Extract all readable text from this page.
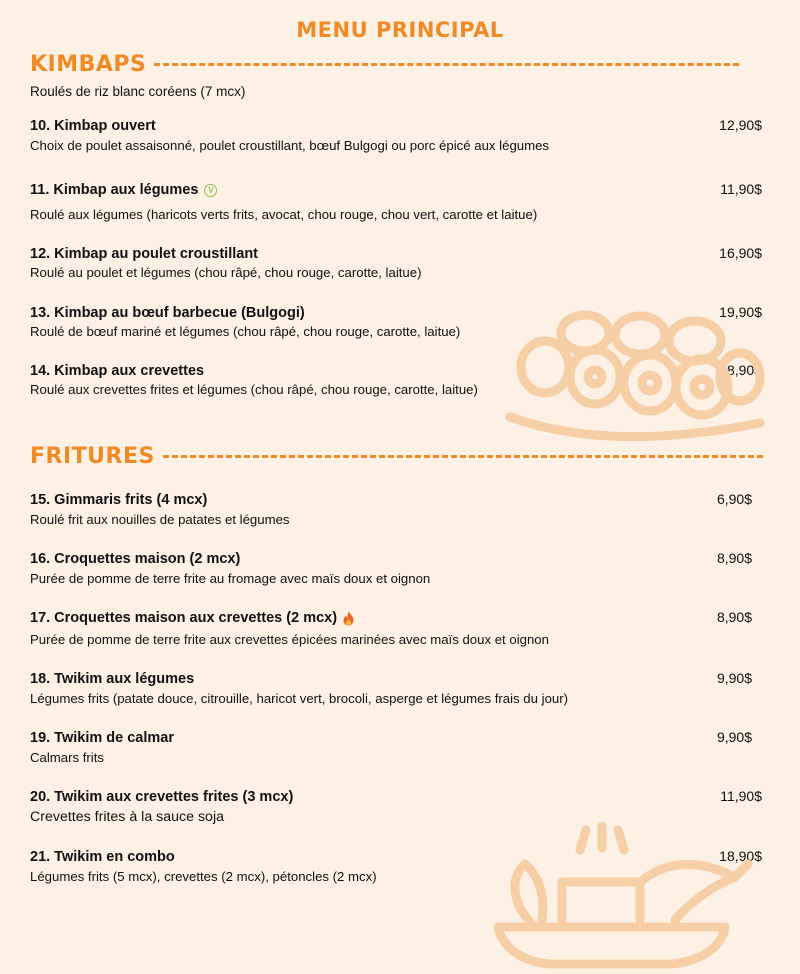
MENU PRINCIPAL
KIMBAPS
Roulés de riz blanc coréens (7 mcx)
10. Kimbap ouvert	12,90$
Choix de poulet assaisonné, poulet croustillant, bœuf Bulgogi ou porc épicé aux légumes
11. Kimbap aux légumes	V	11,90$
Roulé aux légumes (haricots verts frits, avocat, chou rouge, chou vert, carotte et laitue)
12. Kimbap au poulet croustillant	16,90$
Roulé au poulet et légumes (chou râpé, chou rouge, carotte, laitue)
13. Kimbap au bœuf barbecue (Bulgogi)	19,90$
Roulé de bœuf mariné et légumes (chou râpé, chou rouge, carotte, laitue)
14. Kimbap aux crevettes	18,90$
Roulé aux crevettes frites et légumes (chou râpé, chou rouge, carotte, laitue)
FRITURES
15. Gimmaris frits (4 mcx)	6,90$
Roulé frit aux nouilles de patates et légumes
16. Croquettes maison (2 mcx)	8,90$
Purée de pomme de terre frite au fromage avec maïs doux et oignon
17. Croquettes maison aux crevettes (2 mcx)	8,90$
Purée de pomme de terre frite aux crevettes épicées marinées avec maïs doux et oignon
18. Twikim aux légumes	9,90$
Légumes frits (patate douce, citrouille, haricot vert, brocoli, asperge et légumes frais du jour)
19. Twikim de calmar	9,90$
Calmars frits
20. Twikim aux crevettes frites (3 mcx)	11,90$
Crevettes frites à la sauce soja
21. Twikim en combo	18,90$
Légumes frits (5 mcx), crevettes (2 mcx), pétoncles (2 mcx)
